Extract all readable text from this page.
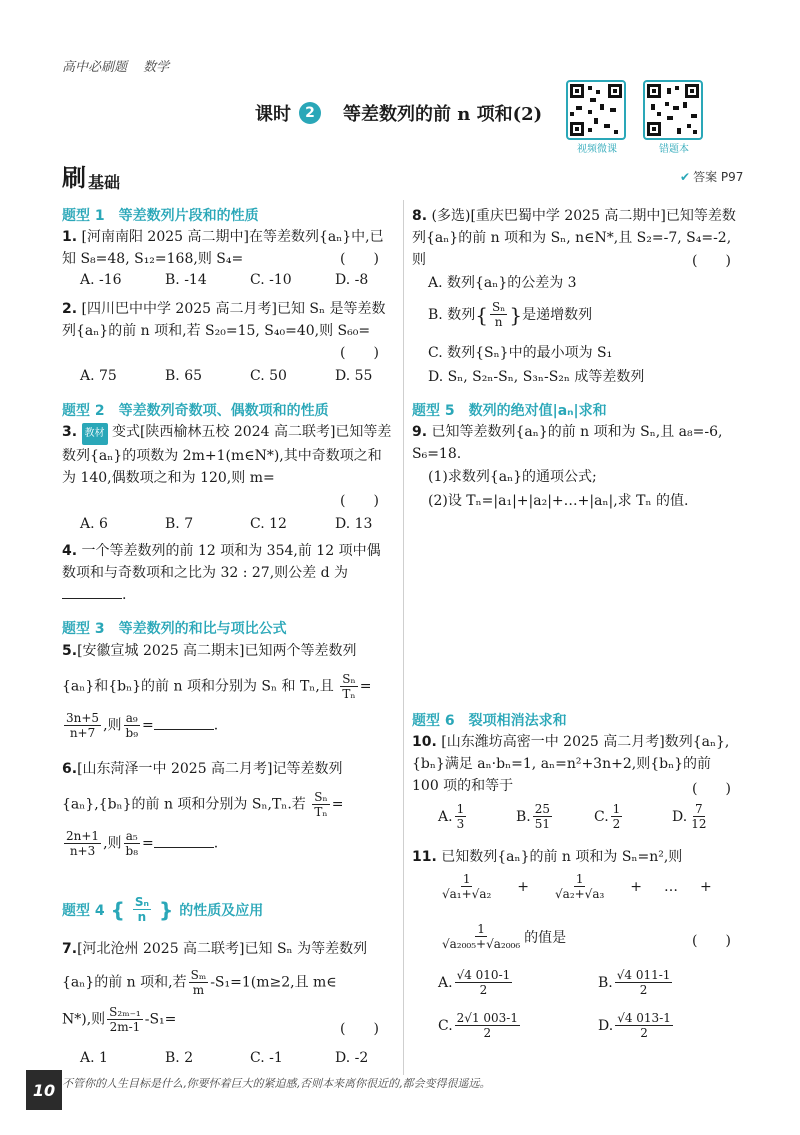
高中必刷题 数学
课时	2	等差数列的前 n 项和(2)
视频微课	错题本
刷 基础	✔ 答案 P97
题型 1　等差数列片段和的性质
1. [河南南阳 2025 高二期中]在等差数列{aₙ}中,已知 S₈=48, S₁₂=168,则 S₄=	(　　)
A. -16	B. -14	C. -10	D. -8
2. [四川巴中中学 2025 高二月考]已知 Sₙ 是等差数列{aₙ}的前 n 项和,若 S₂₀=15, S₄₀=40,则 S₆₀=
(　　)
A. 75	B. 65	C. 50	D. 55
题型 2　等差数列奇数项、偶数项和的性质
3. 教材 变式[陕西榆林五校 2024 高二联考]已知等差数列{aₙ}的项数为 2m+1(m∈N*),其中奇数项之和为 140,偶数项之和为 120,则 m=
(　　)
A. 6	B. 7	C. 12	D. 13
4. 一个等差数列的前 12 项和为 354,前 12 项中偶数项和与奇数项和之比为 32 : 27,则公差 d 为 .
题型 3　等差数列的和比与项比公式
5.[安徽宣城 2025 高二期末]已知两个等差数列
{aₙ}和{bₙ}的前 n 项和分别为 Sₙ 和 Tₙ,且 $\frac{\text{Sₙ}}{\text{Tₙ}}$ =
$\frac{3n+5}{n+7}$ ,则 $\frac{\text{a₉}}{\text{b₉}}$ =	.
6.[山东菏泽一中 2025 高二月考]记等差数列
{aₙ},{bₙ}的前 n 项和分别为 Sₙ,Tₙ.若 $\frac{\text{Sₙ}}{\text{Tₙ}}$ =
$\frac{2n+1}{n+3}$ ,则 $\frac{\text{a₅}}{\text{b₈}}$ =	.
题型 4 { $\frac{\text{Sₙ}}{n}$ } 的性质及应用
7.[河北沧州 2025 高二联考]已知 Sₙ 为等差数列
{aₙ}的前 n 项和,若 $\frac{\text{Sₘ}}{m} -S_1=1(m\ge 2$,且 m∈
N*),则 $\frac{\text{S₂ₘ₋₁}}{2m-1} -S_1=$
(　　)
A. 1	B. 2	C. -1	D. -2
8. (多选)[重庆巴蜀中学 2025 高二期中]已知等差数列{aₙ}的前 n 项和为 Sₙ, n∈N*,且 S₂=-7, S₄=-2,则	(　　)
A. 数列{aₙ}的公差为 3
B. 数列 { $\frac{\text{Sₙ}}{n}$ } 是递增数列
C. 数列{Sₙ}中的最小项为 S₁
D. Sₙ, S₂ₙ-Sₙ, S₃ₙ-S₂ₙ 成等差数列
题型 5　数列的绝对值|aₙ|求和
9. 已知等差数列{aₙ}的前 n 项和为 Sₙ,且 a₈=-6, S₆=18.
(1)求数列{aₙ}的通项公式;
(2)设 Tₙ=|a₁|+|a₂|+…+|aₙ|,求 Tₙ 的值.
题型 6　裂项相消法求和
10. [山东潍坊高密一中 2025 高二月考]数列{aₙ},{bₙ}满足 aₙ·bₙ=1, aₙ=n²+3n+2,则{bₙ}的前 100 项的和等于	(　　)
A. $\frac{1}{3}$	B. $\frac{25}{51}$	C. $\frac{1}{2}$	D. $\frac{7}{12}$
11. 已知数列{aₙ}的前 n 项和为 Sₙ=n²,则
$\frac{1}{\text{√a₁+√a₂}} + \frac{1}{\text{√a₂+√a₃}}$ + … +
$\frac{1}{\text{√a₂₀₀₅+√a₂₀₀₆}}$ 的值是	(　　)
A. $\frac{√4 010-1}{2}$	B. $\frac{√4 011-1}{2}$
C. $\frac{2√1 003-1}{2}$	D. $\frac{√4 013-1}{2}$
10 不管你的人生目标是什么,你要怀着巨大的紧迫感,否则本来离你很近的,都会变得很遥远。
